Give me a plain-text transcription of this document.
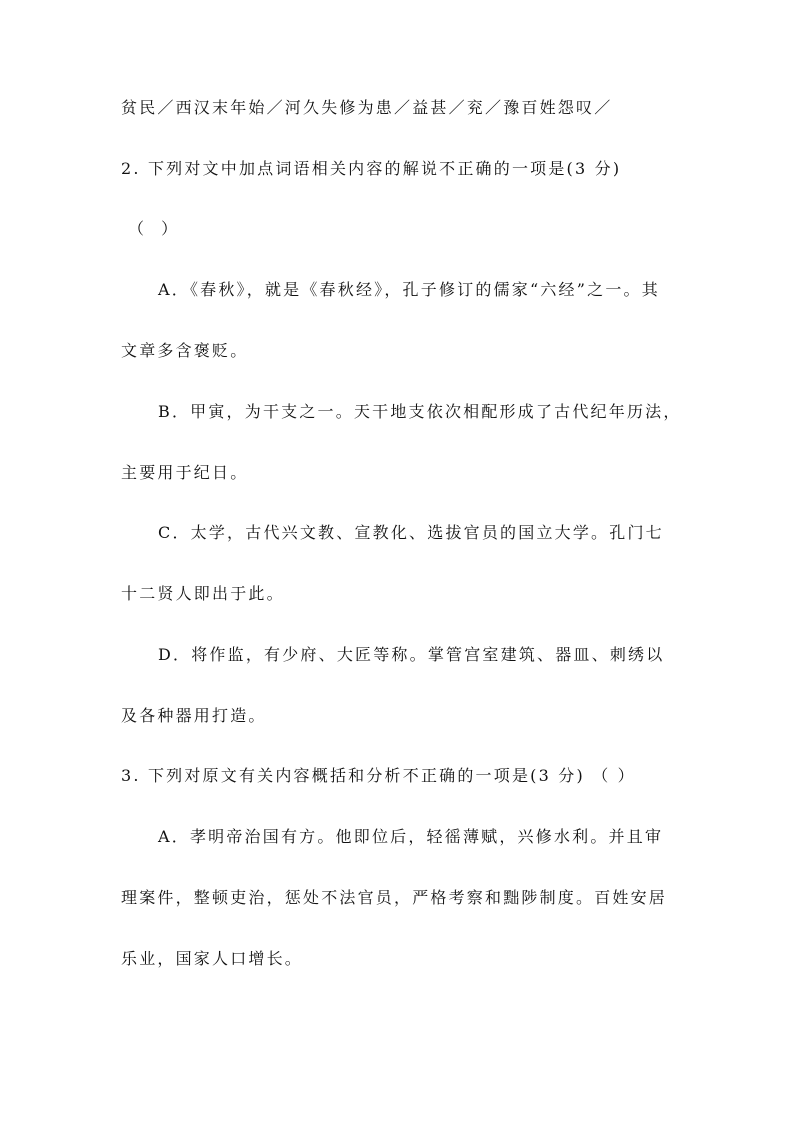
贫民／西汉末年始／河久失修为患／益甚／兖／豫百姓怨叹／
2. 下列对文中加点词语相关内容的解说不正确的一项是(3 分)
（ ）
A．《春秋》，就是《春秋经》，孔子修订的儒家“六经”之一。其
文章多含褒贬。
B．甲寅，为干支之一。天干地支依次相配形成了古代纪年历法，
主要用于纪日。
C．太学，古代兴文教、宣教化、选拔官员的国立大学。孔门七
十二贤人即出于此。
D．将作监，有少府、大匠等称。掌管宫室建筑、器皿、刺绣以
及各种器用打造。
3. 下列对原文有关内容概括和分析不正确的一项是(3 分) （ ）
A．孝明帝治国有方。他即位后，轻徭薄赋，兴修水利。并且审
理案件，整顿吏治，惩处不法官员，严格考察和黜陟制度。百姓安居
乐业，国家人口增长。
